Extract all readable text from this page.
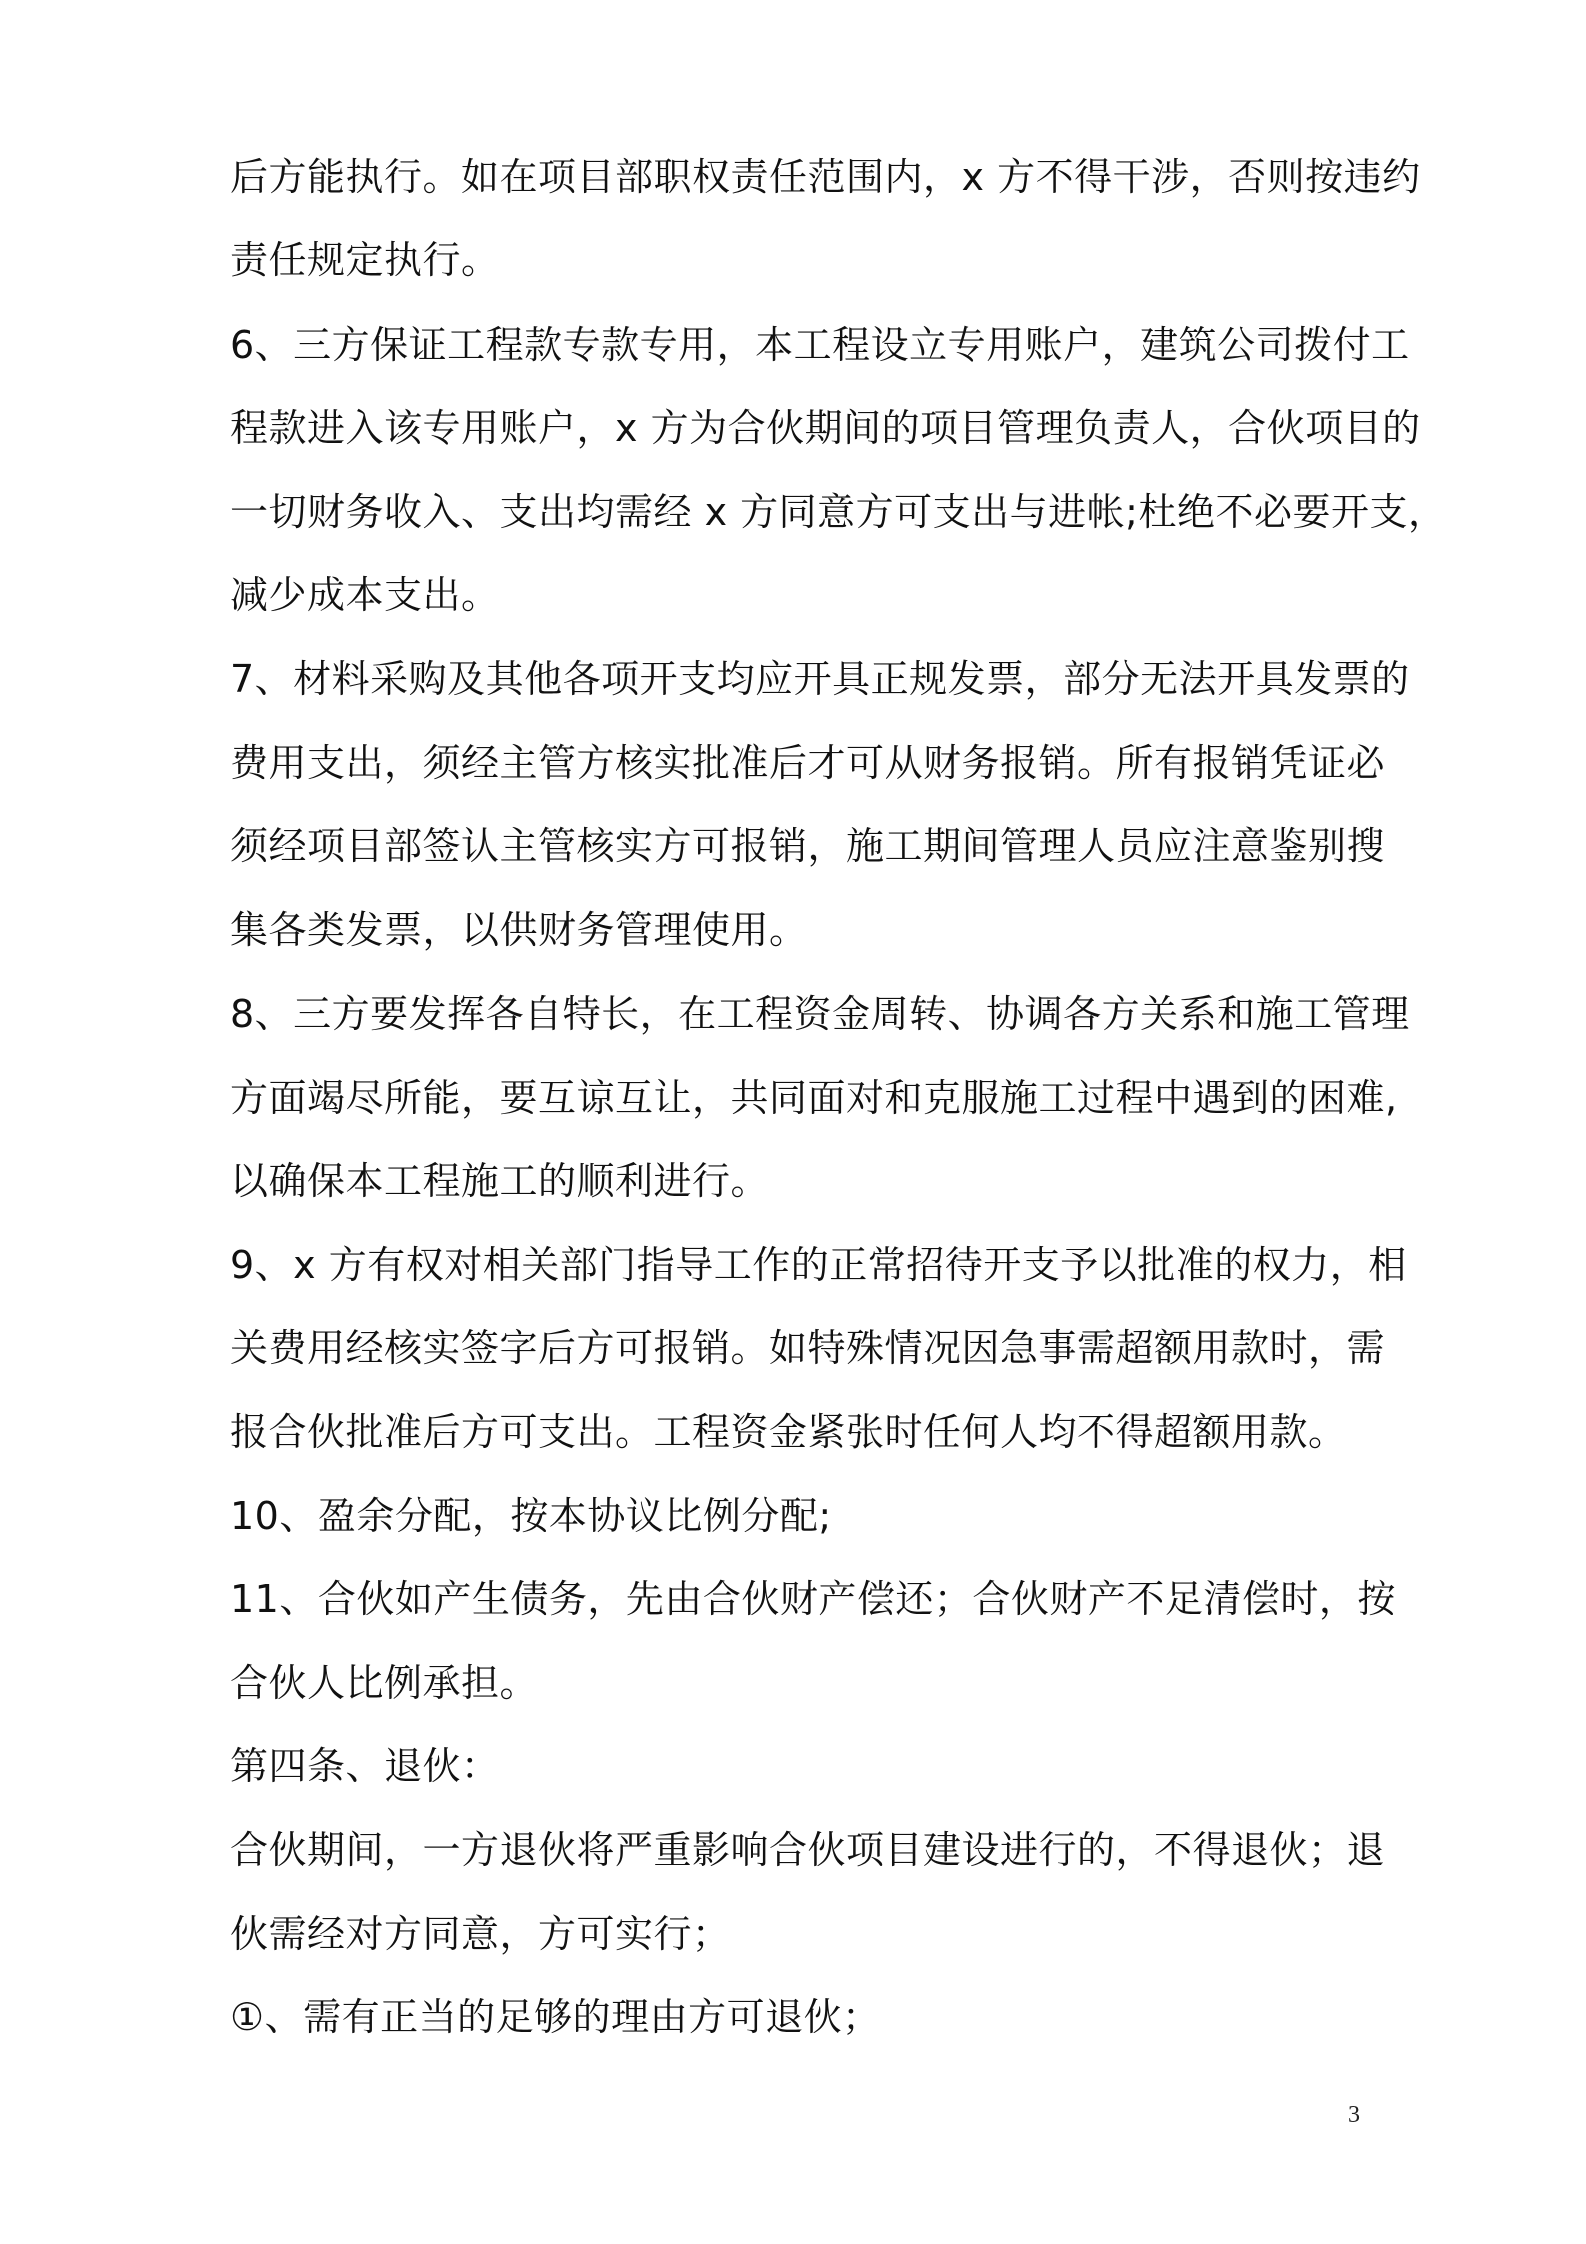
后方能执行。如在项目部职权责任范围内，x 方不得干涉，否则按违约
责任规定执行。
6、三方保证工程款专款专用，本工程设立专用账户，建筑公司拨付工
程款进入该专用账户，x 方为合伙期间的项目管理负责人，合伙项目的
一切财务收入、支出均需经 x 方同意方可支出与进帐;杜绝不必要开支，
减少成本支出。
7、材料采购及其他各项开支均应开具正规发票，部分无法开具发票的
费用支出，须经主管方核实批准后才可从财务报销。所有报销凭证必
须经项目部签认主管核实方可报销，施工期间管理人员应注意鉴别搜
集各类发票，以供财务管理使用。
8、三方要发挥各自特长，在工程资金周转、协调各方关系和施工管理
方面竭尽所能，要互谅互让，共同面对和克服施工过程中遇到的困难,
以确保本工程施工的顺利进行。
9、x 方有权对相关部门指导工作的正常招待开支予以批准的权力，相
关费用经核实签字后方可报销。如特殊情况因急事需超额用款时，需
报合伙批准后方可支出。工程资金紧张时任何人均不得超额用款。
10、盈余分配，按本协议比例分配;
11、合伙如产生债务，先由合伙财产偿还；合伙财产不足清偿时，按
合伙人比例承担。
第四条、退伙：
合伙期间，一方退伙将严重影响合伙项目建设进行的，不得退伙；退
伙需经对方同意，方可实行；
①、需有正当的足够的理由方可退伙；
3
